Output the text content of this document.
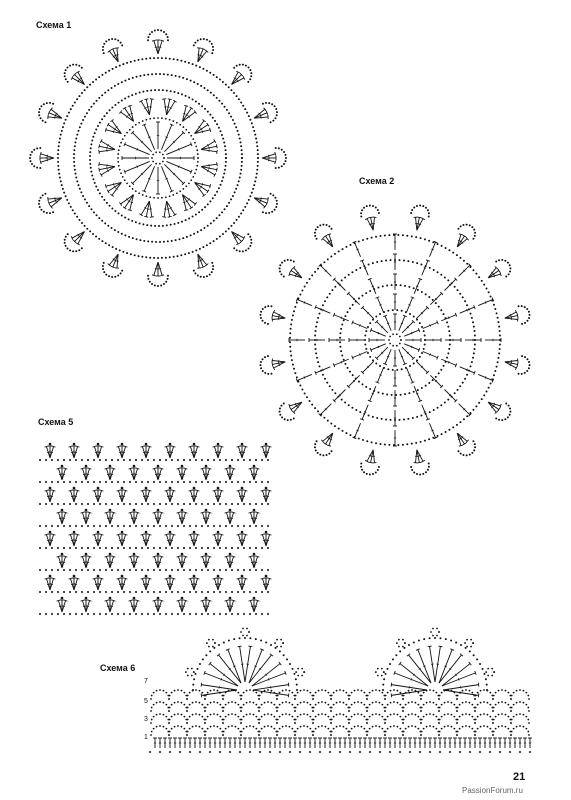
Схема 1
Схема 2
Схема 5
Схема 6
21
PassionForum.ru
7
5
3
1
